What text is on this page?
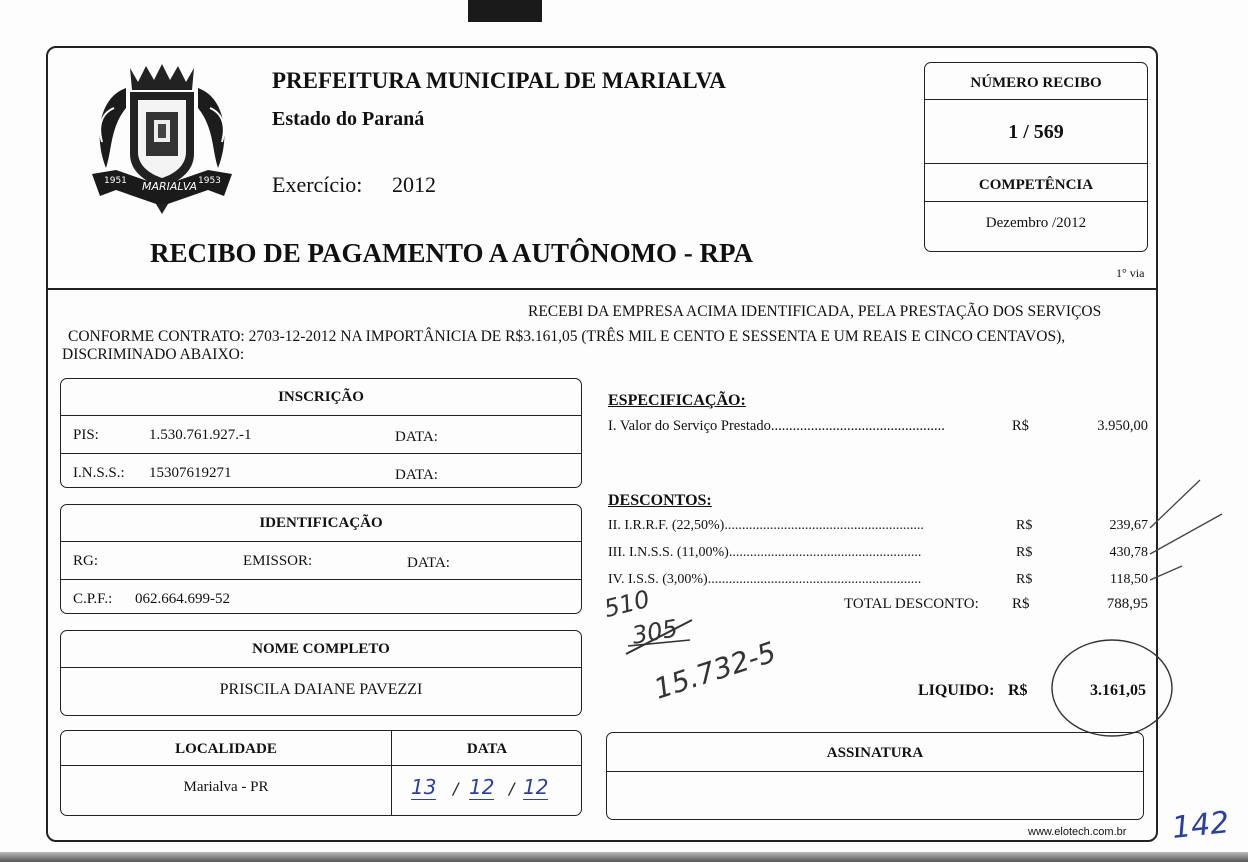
MARIALVA
1951	1953
PREFEITURA MUNICIPAL DE MARIALVA
Estado do Paraná
Exercício: 2012
RECIBO DE PAGAMENTO A AUTÔNOMO - RPA
1° via
NÚMERO RECIBO
1 / 569
COMPETÊNCIA
Dezembro /2012
RECEBI DA EMPRESA ACIMA IDENTIFICADA, PELA PRESTAÇÃO DOS SERVIÇOS
CONFORME CONTRATO: 2703-12-2012 NA IMPORTÂNICIA DE R$3.161,05 (TRÊS MIL E CENTO E SESSENTA E UM REAIS E CINCO CENTAVOS),
DISCRIMINADO ABAIXO:
INSCRIÇÃO
PIS:	1.530.761.927.-1	DATA:
I.N.S.S.: 15307619271	DATA:
IDENTIFICAÇÃO
RG:	EMISSOR:	DATA:
C.P.F.: 062.664.699-52
NOME COMPLETO
PRISCILA DAIANE PAVEZZI
LOCALIDADE	DATA
Marialva - PR	13 / 12 / 12
ESPECIFICAÇÃO:
I. Valor do Serviço Prestado................................................	R$	3.950,00
DESCONTOS:
II. I.R.R.F. (22,50%).........................................................	R$	239,67
III. I.N.S.S. (11,00%).......................................................	R$	430,78
IV. I.S.S. (3,00%).............................................................	R$	118,50
TOTAL DESCONTO: R$	788,95
LIQUIDO: R$	3.161,05
510
305
15.732-5
ASSINATURA
www.elotech.com.br 142
